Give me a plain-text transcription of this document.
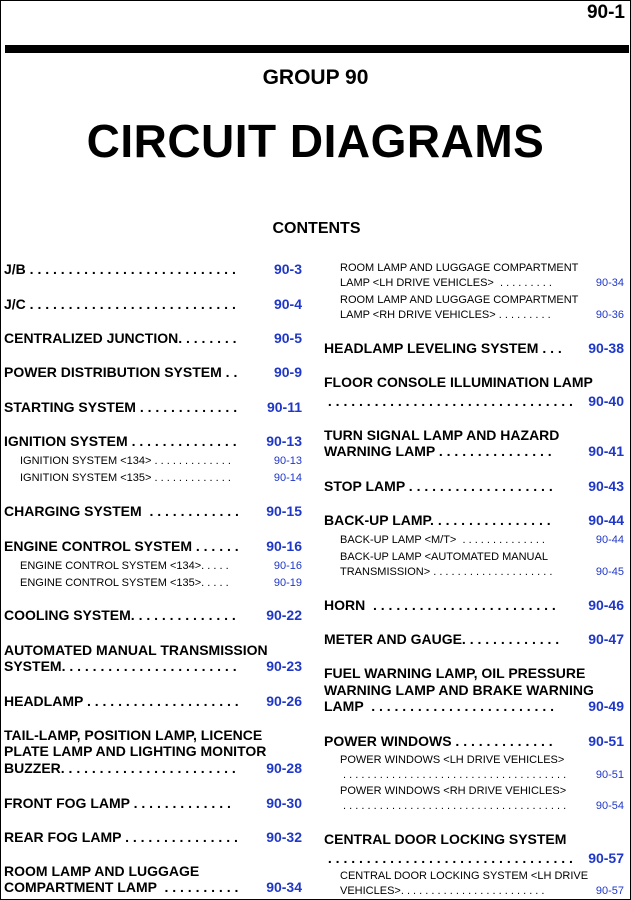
90-1
GROUP 90
CIRCUIT DIAGRAMS
CONTENTS
J/B . . . . . . . . . . . . . . . . . . . . . . . . . . .	90-3
J/C . . . . . . . . . . . . . . . . . . . . . . . . . . .	90-4
CENTRALIZED JUNCTION. . . . . . . .	90-5
POWER DISTRIBUTION SYSTEM . .	90-9
STARTING SYSTEM . . . . . . . . . . . . . 90-11
IGNITION SYSTEM . . . . . . . . . . . . . . 90-13
IGNITION SYSTEM <134> . . . . . . . . . . . . .	90-13
IGNITION SYSTEM <135> . . . . . . . . . . . . .	90-14
CHARGING SYSTEM  . . . . . . . . . . . . 90-15
ENGINE CONTROL SYSTEM . . . . . . 90-16
ENGINE CONTROL SYSTEM <134>. . . . .	90-16
ENGINE CONTROL SYSTEM <135>. . . . .	90-19
COOLING SYSTEM. . . . . . . . . . . . . . 90-22
AUTOMATED MANUAL TRANSMISSION
SYSTEM. . . . . . . . . . . . . . . . . . . . . . . 90-23
HEADLAMP . . . . . . . . . . . . . . . . . . . . 90-26
TAIL-LAMP, POSITION LAMP, LICENCE
PLATE LAMP AND LIGHTING MONITOR
BUZZER. . . . . . . . . . . . . . . . . . . . . . . 90-28
FRONT FOG LAMP . . . . . . . . . . . . .	90-30
REAR FOG LAMP . . . . . . . . . . . . . . . 90-32
ROOM LAMP AND LUGGAGE
COMPARTMENT LAMP  . . . . . . . . . . 90-34
ROOM LAMP AND LUGGAGE COMPARTMENT
LAMP <LH DRIVE VEHICLES>  . . . . . . . . .	90-34
ROOM LAMP AND LUGGAGE COMPARTMENT
LAMP <RH DRIVE VEHICLES> . . . . . . . . .	90-36
HEADLAMP LEVELING SYSTEM . . . 90-38
FLOOR CONSOLE ILLUMINATION LAMP
. . . . . . . . . . . . . . . . . . . . . . . . . . . . . . . . 90-40
TURN SIGNAL LAMP AND HAZARD
WARNING LAMP . . . . . . . . . . . . . . .	90-41
STOP LAMP . . . . . . . . . . . . . . . . . . .	90-43
BACK-UP LAMP. . . . . . . . . . . . . . . .	90-44
BACK-UP LAMP <M/T>  . . . . . . . . . . . . . .	90-44
BACK-UP LAMP <AUTOMATED MANUAL
TRANSMISSION> . . . . . . . . . . . . . . . . . . . .	90-45
HORN  . . . . . . . . . . . . . . . . . . . . . . . . 90-46
METER AND GAUGE. . . . . . . . . . . . . 90-47
FUEL WARNING LAMP, OIL PRESSURE
WARNING LAMP AND BRAKE WARNING
LAMP  . . . . . . . . . . . . . . . . . . . . . . . . 90-49
POWER WINDOWS . . . . . . . . . . . . .	90-51
POWER WINDOWS <LH DRIVE VEHICLES>
. . . . . . . . . . . . . . . . . . . . . . . . . . . . . . . . . . . . .	90-51
POWER WINDOWS <RH DRIVE VEHICLES>
. . . . . . . . . . . . . . . . . . . . . . . . . . . . . . . . . . . . .	90-54
CENTRAL DOOR LOCKING SYSTEM
. . . . . . . . . . . . . . . . . . . . . . . . . . . . . . . . 90-57
CENTRAL DOOR LOCKING SYSTEM <LH DRIVE
VEHICLES>. . . . . . . . . . . . . . . . . . . . . . . .	90-57
